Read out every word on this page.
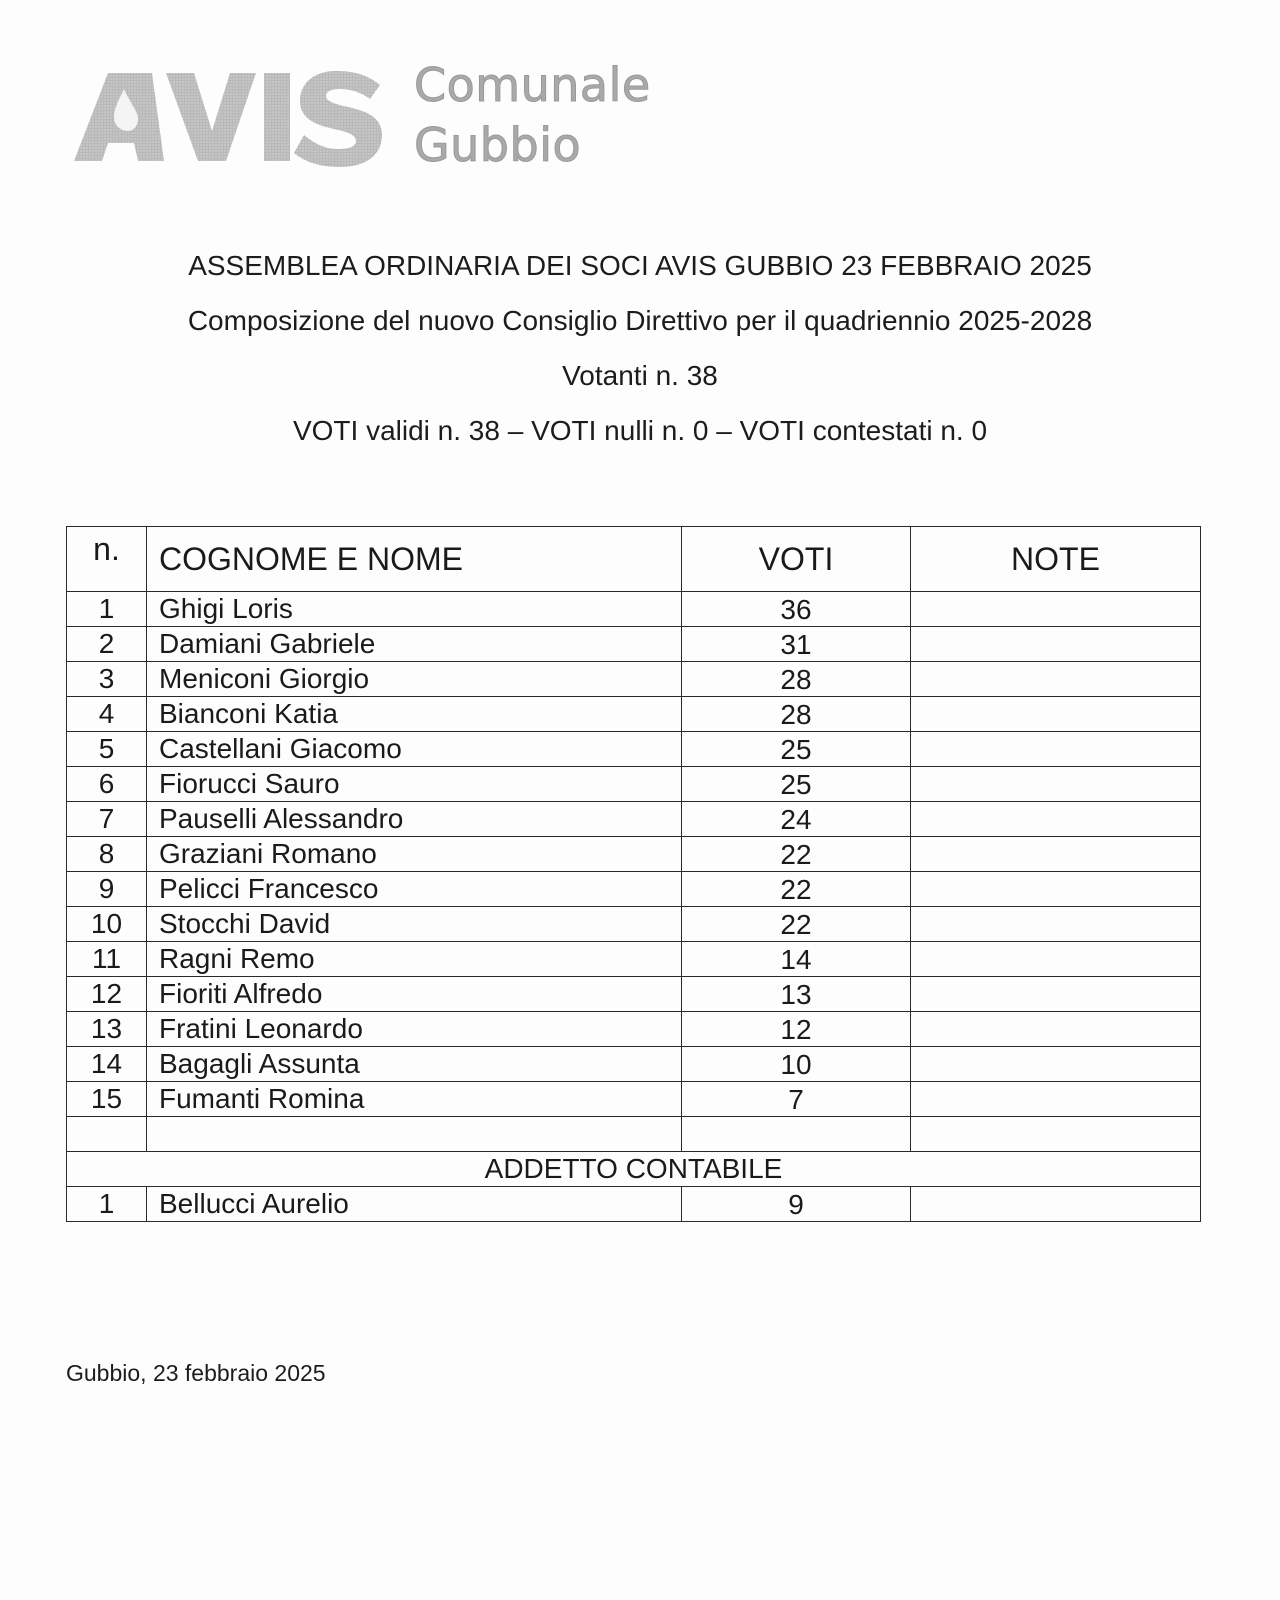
Comunale
Gubbio
ASSEMBLEA ORDINARIA DEI SOCI AVIS GUBBIO 23 FEBBRAIO 2025
Composizione del nuovo Consiglio Direttivo per il quadriennio 2025-2028
Votanti n. 38
VOTI validi n. 38 – VOTI nulli n. 0 – VOTI contestati n. 0
n.	COGNOME E NOME	VOTI	NOTE
1	Ghigi Loris	36	
2	Damiani Gabriele	31	
3	Meniconi Giorgio	28	
4	Bianconi Katia	28	
5	Castellani Giacomo	25	
6	Fiorucci Sauro	25	
7	Pauselli Alessandro	24	
8	Graziani Romano	22	
9	Pelicci Francesco	22	
10	Stocchi David	22	
11	Ragni Remo	14	
12	Fioriti Alfredo	13	
13	Fratini Leonardo	12	
14	Bagagli Assunta	10	
15	Fumanti Romina	7	

ADDETTO CONTABILE			
1	Bellucci Aurelio	9	
Gubbio, 23 febbraio 2025
